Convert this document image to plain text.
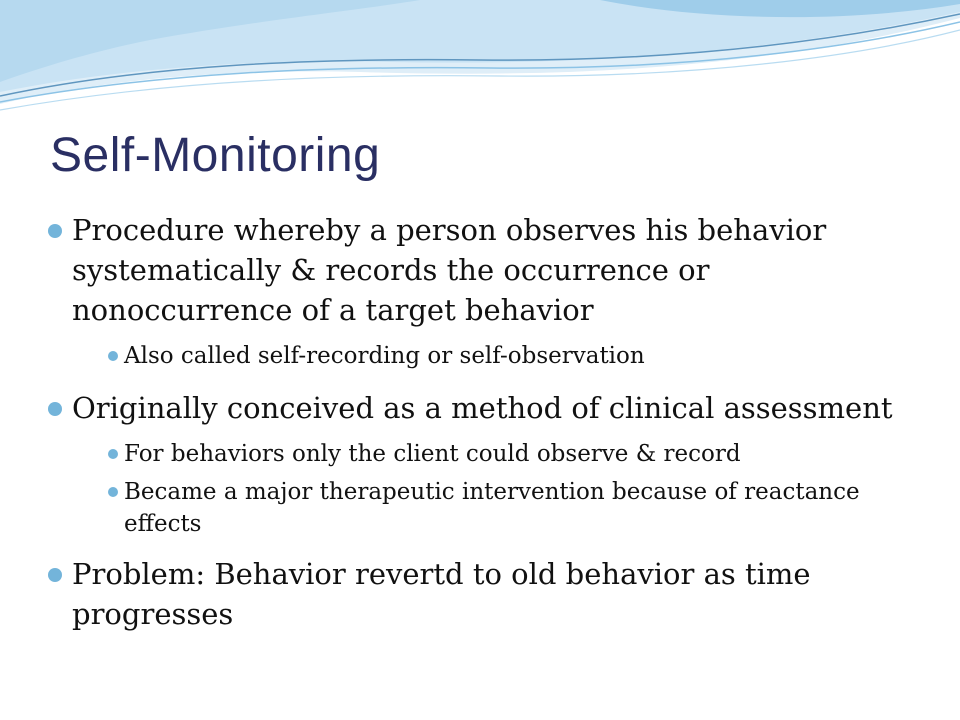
Self-Monitoring

Procedure whereby a person observes his behavior systematically & records the occurrence or nonoccurrence of a target behavior

Also called self-recording or self-observation

Originally conceived as a method of clinical assessment

For behaviors only the client could observe & record

Became a major therapeutic intervention because of reactance effects

Problem: Behavior revertd to old behavior as time progresses
